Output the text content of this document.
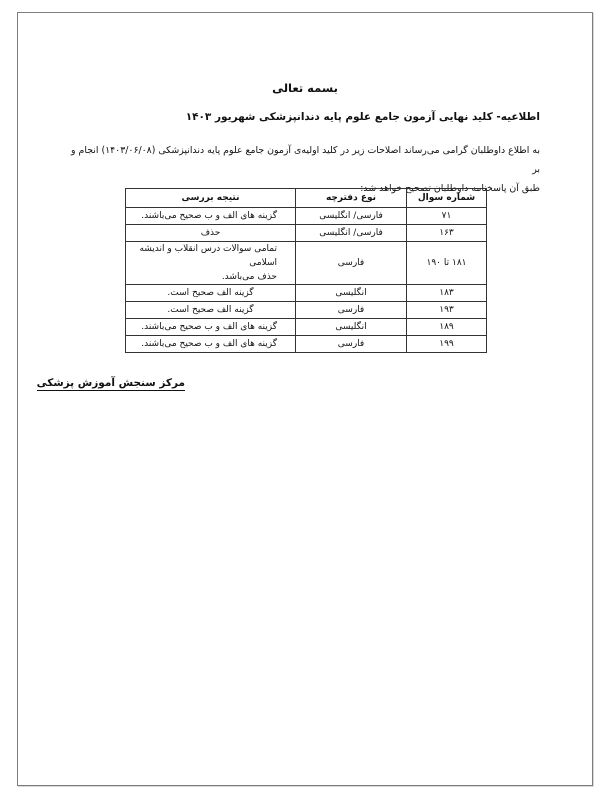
بسمه تعالی
اطلاعیه- کلید نهایی آزمون جامع علوم پایه دندانپزشکی شهریور ۱۴۰۳
به اطلاع داوطلبان گرامی می‌رساند اصلاحات زیر در کلید اولیه‌ی آزمون جامع علوم پایه دندانپزشکی (۱۴۰۳/۰۶/۰۸) انجام و بر
طبق آن پاسخنامه داوطلبان تصحیح خواهد شد:
شماره سوال	نوع دفترچه	نتیجه بررسی
۷۱	فارسی/ انگلیسی	گزینه های الف و ب صحیح می‌باشند.
۱۶۳	فارسی/ انگلیسی	حذف
۱۸۱ تا ۱۹۰	فارسی	تمامی سوالات درس انقلاب و اندیشه اسلامی
حذف می‌باشد.

۱۸۳	انگلیسی	گزینه الف صحیح است.
۱۹۳	فارسی	گزینه الف صحیح است.
۱۸۹	انگلیسی	گزینه های الف و ب صحیح می‌باشند.
۱۹۹	فارسی	گزینه های الف و ب صحیح می‌باشند.
مرکز سنجش آموزش پزشکی
